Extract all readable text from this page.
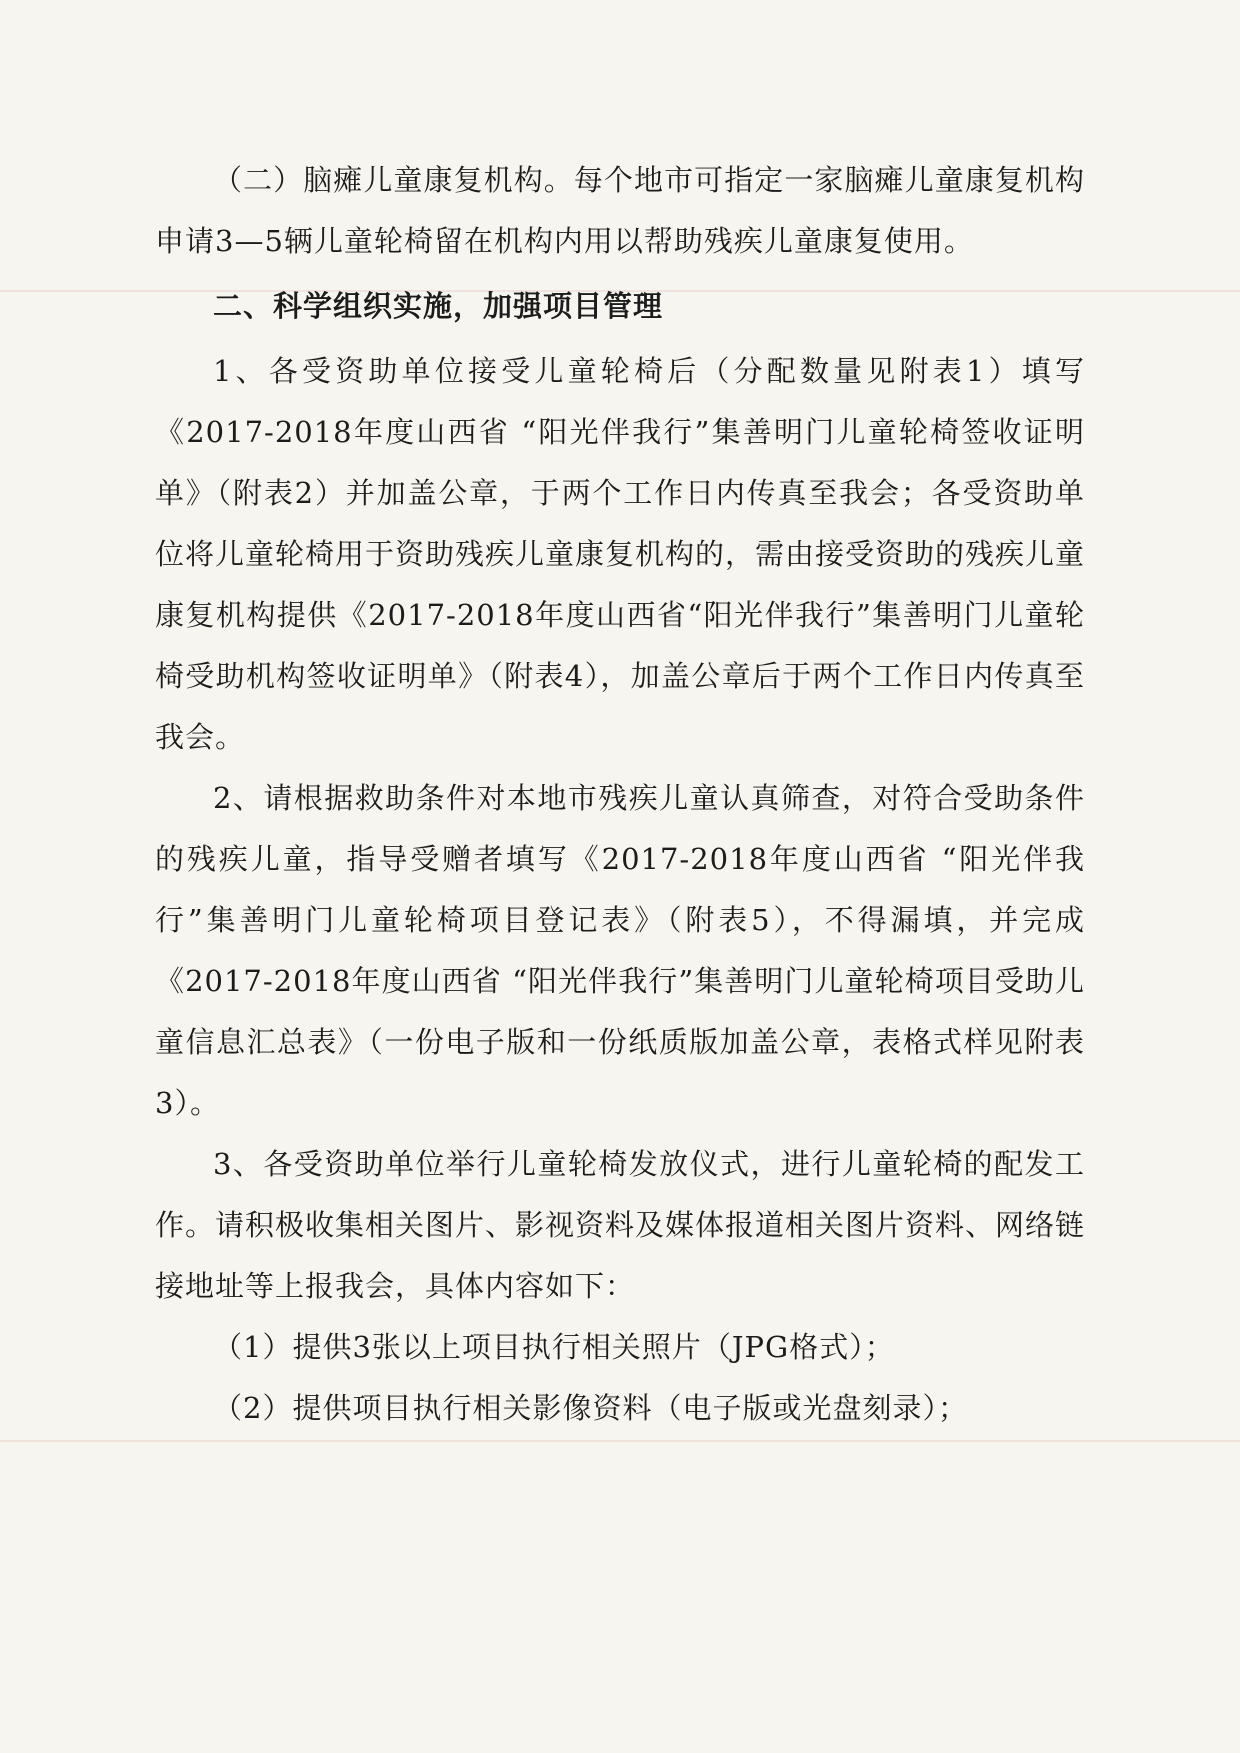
（二）脑瘫儿童康复机构。每个地市可指定一家脑瘫儿童康复机构申请3—5辆儿童轮椅留在机构内用以帮助残疾儿童康复使用。

二、科学组织实施，加强项目管理

1、各受资助单位接受儿童轮椅后（分配数量见附表1）填写《2017-2018年度山西省 “阳光伴我行”集善明门儿童轮椅签收证明单》（附表2）并加盖公章，于两个工作日内传真至我会；各受资助单位将儿童轮椅用于资助残疾儿童康复机构的，需由接受资助的残疾儿童康复机构提供《2017-2018年度山西省“阳光伴我行”集善明门儿童轮椅受助机构签收证明单》（附表4），加盖公章后于两个工作日内传真至我会。

2、请根据救助条件对本地市残疾儿童认真筛查，对符合受助条件的残疾儿童，指导受赠者填写《2017-2018年度山西省 “阳光伴我行”集善明门儿童轮椅项目登记表》（附表5），不得漏填，并完成《2017-2018年度山西省 “阳光伴我行”集善明门儿童轮椅项目受助儿童信息汇总表》（一份电子版和一份纸质版加盖公章，表格式样见附表3）。

3、各受资助单位举行儿童轮椅发放仪式，进行儿童轮椅的配发工作。请积极收集相关图片、影视资料及媒体报道相关图片资料、网络链接地址等上报我会，具体内容如下：

（1）提供3张以上项目执行相关照片（JPG格式）；

（2）提供项目执行相关影像资料（电子版或光盘刻录）；
